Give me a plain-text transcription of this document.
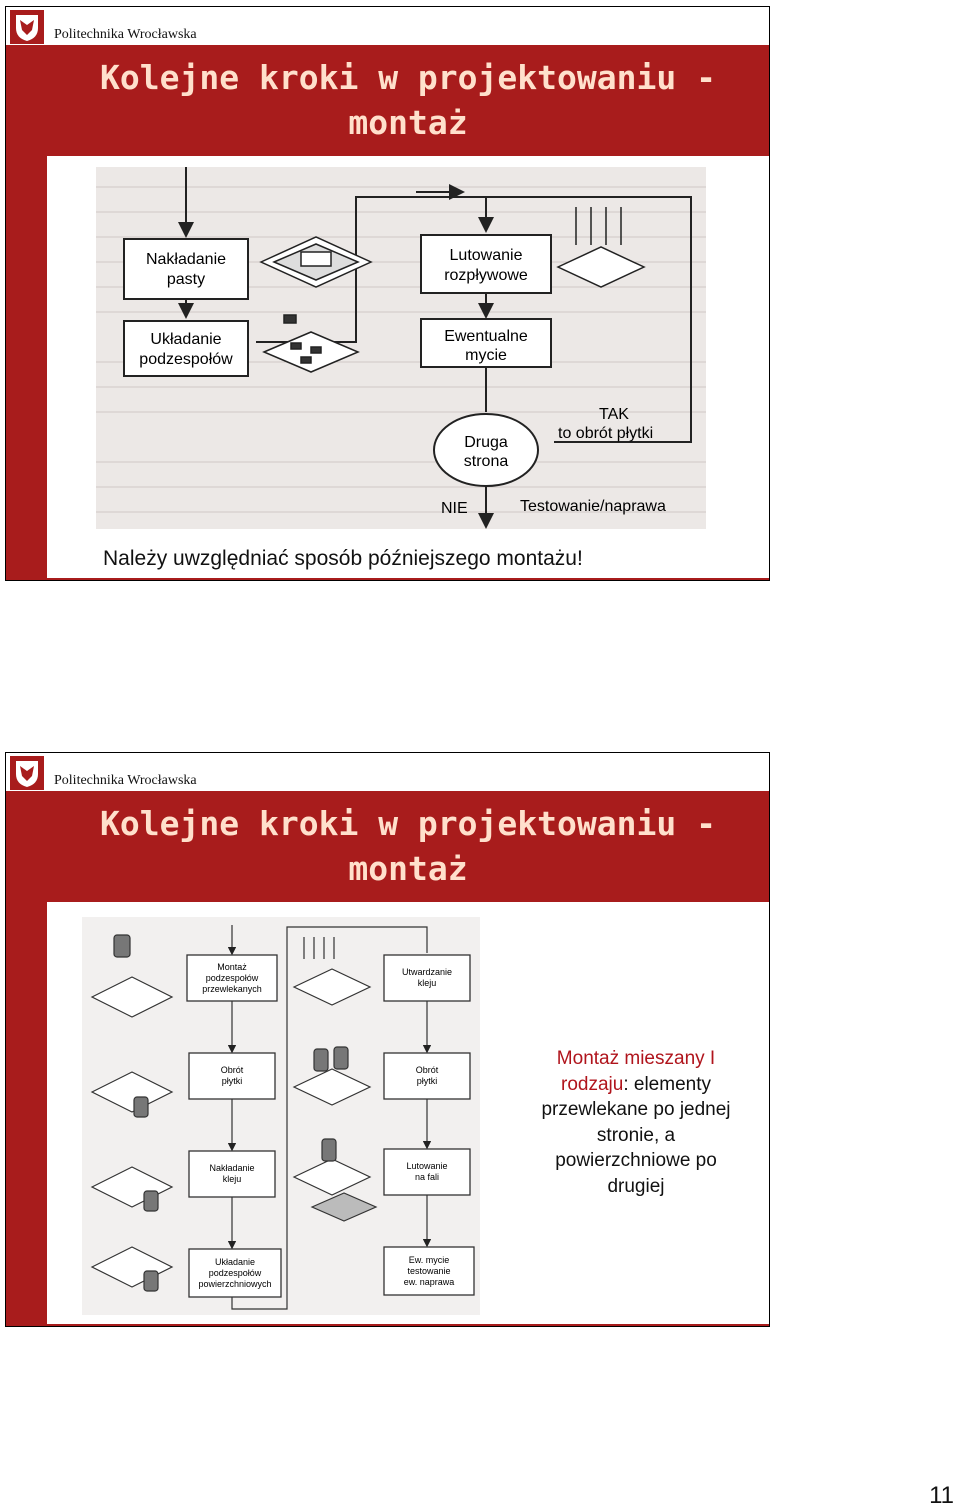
Politechnika Wrocławska
Kolejne kroki w projektowaniu -
montaż
Nakładanie
pasty
Układanie
podzespołów
Lutowanie
rozpływowe
Ewentualne
mycie
Druga
strona
TAK
to obrót płytki
NIE	Testowanie/naprawa
Należy uwzględniać sposób późniejszego montażu!
Politechnika Wrocławska
Kolejne kroki w projektowaniu -
montaż
Montaż
podzespołów
przewlekanych
Obrót
płytki
Nakładanie
kleju
Układanie
podzespołów
powierzchniowych
Utwardzanie
kleju
Obrót
płytki
Lutowanie
na fali
Ew. mycie
testowanie
ew. naprawa
Montaż mieszany I
rodzaju: elementy
przewlekane po jednej
stronie, a
powierzchniowe po
drugiej
11
